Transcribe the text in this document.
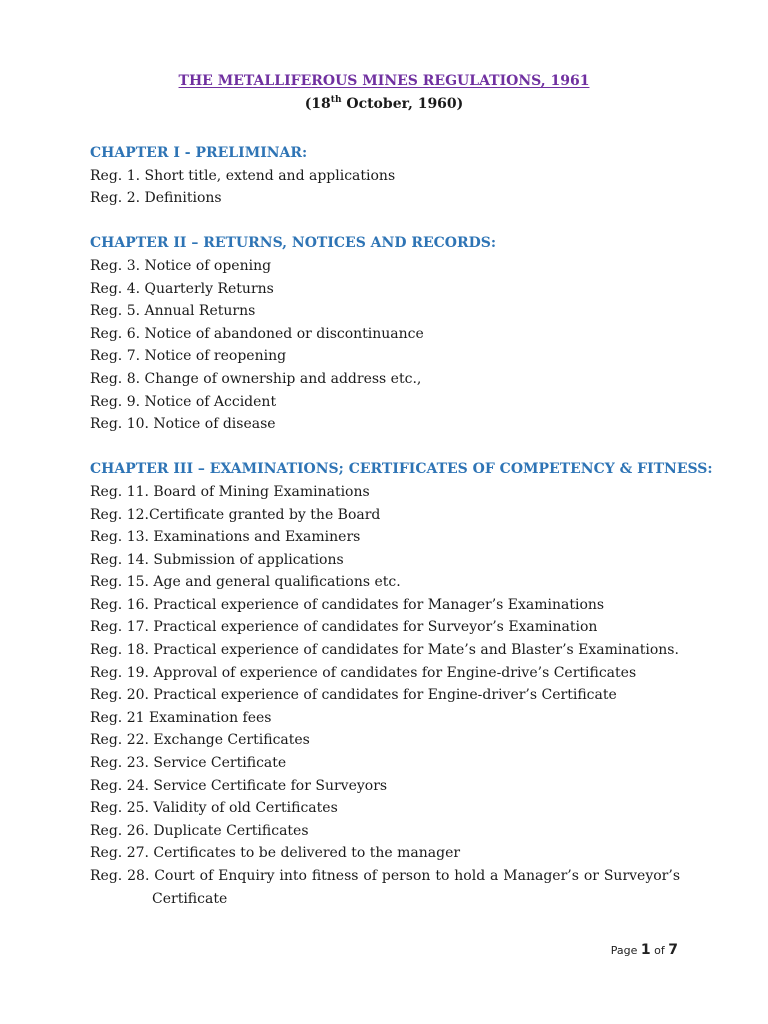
THE METALLIFEROUS MINES REGULATIONS, 1961
(18th October, 1960)
CHAPTER I - PRELIMINAR:
Reg. 1. Short title, extend and applications
Reg. 2. Definitions
CHAPTER II – RETURNS, NOTICES AND RECORDS:
Reg. 3. Notice of opening
Reg. 4. Quarterly Returns
Reg. 5. Annual Returns
Reg. 6. Notice of abandoned or discontinuance
Reg. 7. Notice of reopening
Reg. 8. Change of ownership and address etc.,
Reg. 9. Notice of Accident
Reg. 10. Notice of disease
CHAPTER III – EXAMINATIONS; CERTIFICATES OF COMPETENCY & FITNESS:
Reg. 11. Board of Mining Examinations
Reg. 12.Certificate granted by the Board
Reg. 13. Examinations and Examiners
Reg. 14. Submission of applications
Reg. 15. Age and general qualifications etc.
Reg. 16. Practical experience of candidates for Manager’s Examinations
Reg. 17. Practical experience of candidates for Surveyor’s Examination
Reg. 18. Practical experience of candidates for Mate’s and Blaster’s Examinations.
Reg. 19. Approval of experience of candidates for Engine-drive’s Certificates
Reg. 20. Practical experience of candidates for Engine-driver’s Certificate
Reg. 21 Examination fees
Reg. 22. Exchange Certificates
Reg. 23. Service Certificate
Reg. 24. Service Certificate for Surveyors
Reg. 25. Validity of old Certificates
Reg. 26. Duplicate Certificates
Reg. 27. Certificates to be delivered to the manager
Reg. 28. Court of Enquiry into fitness of person to hold a Manager’s or Surveyor’s Certificate
Page 1 of 7
